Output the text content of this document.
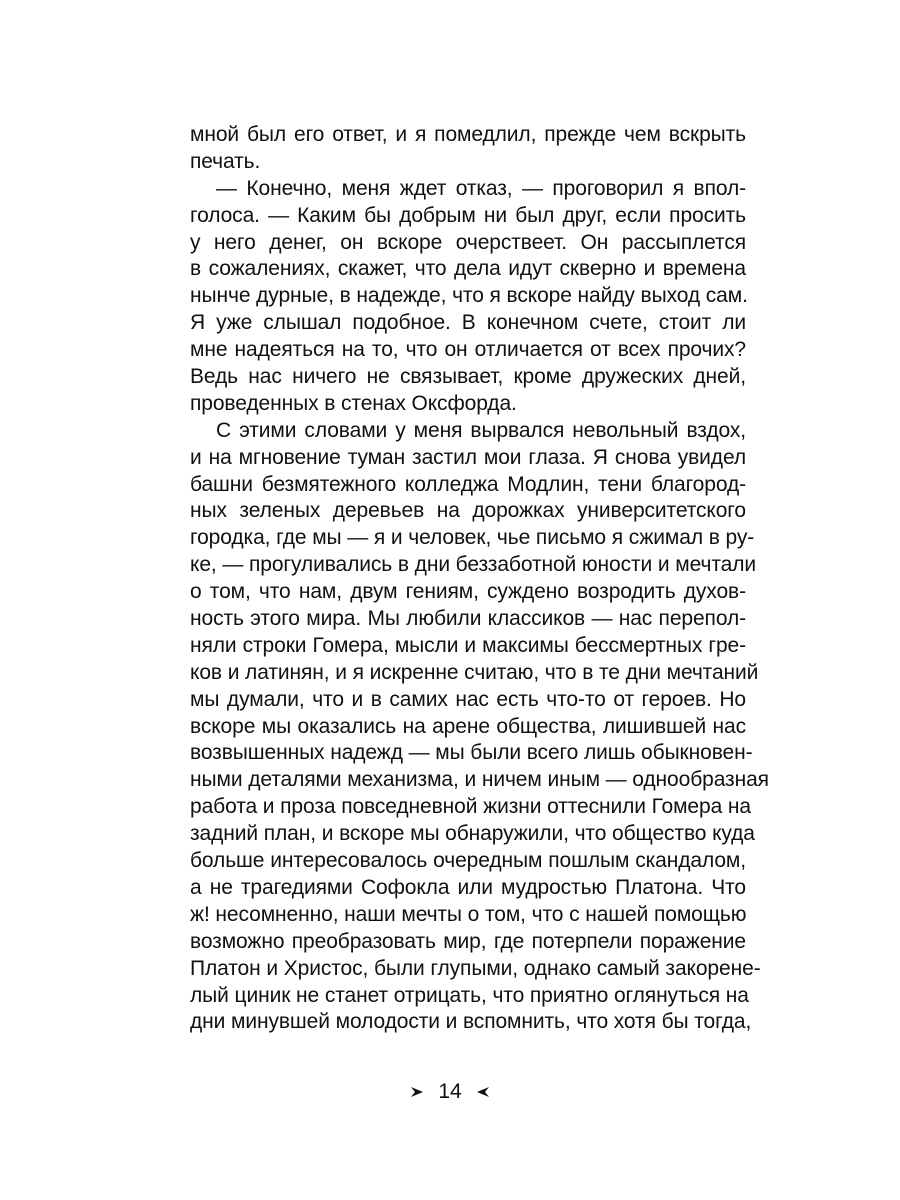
мной был его ответ, и я помедлил, прежде чем вскрыть
печать.
— Конечно, меня ждет отказ, — проговорил я впол-
голоса. — Каким бы добрым ни был друг, если просить
у него денег, он вскоре очерствеет. Он рассыплется
в сожалениях, скажет, что дела идут скверно и времена
нынче дурные, в надежде, что я вскоре найду выход сам.
Я уже слышал подобное. В конечном счете, стоит ли
мне надеяться на то, что он отличается от всех прочих?
Ведь нас ничего не связывает, кроме дружеских дней,
проведенных в стенах Оксфорда.
С этими словами у меня вырвался невольный вздох,
и на мгновение туман застил мои глаза. Я снова увидел
башни безмятежного колледжа Модлин, тени благород-
ных зеленых деревьев на дорожках университетского
городка, где мы — я и человек, чье письмо я сжимал в ру-
ке, — прогуливались в дни беззаботной юности и мечтали
о том, что нам, двум гениям, суждено возродить духов-
ность этого мира. Мы любили классиков — нас перепол-
няли строки Гомера, мысли и максимы бессмертных гре-
ков и латинян, и я искренне считаю, что в те дни мечтаний
мы думали, что и в самих нас есть что-то от героев. Но
вскоре мы оказались на арене общества, лишившей нас
возвышенных надежд — мы были всего лишь обыкновен-
ными деталями механизма, и ничем иным — однообразная
работа и проза повседневной жизни оттеснили Гомера на
задний план, и вскоре мы обнаружили, что общество куда
больше интересовалось очередным пошлым скандалом,
а не трагедиями Софокла или мудростью Платона. Что
ж! несомненно, наши мечты о том, что с нашей помощью
возможно преобразовать мир, где потерпели поражение
Платон и Христос, были глупыми, однако самый закорене-
лый циник не станет отрицать, что приятно оглянуться на
дни минувшей молодости и вспомнить, что хотя бы тогда,
14
